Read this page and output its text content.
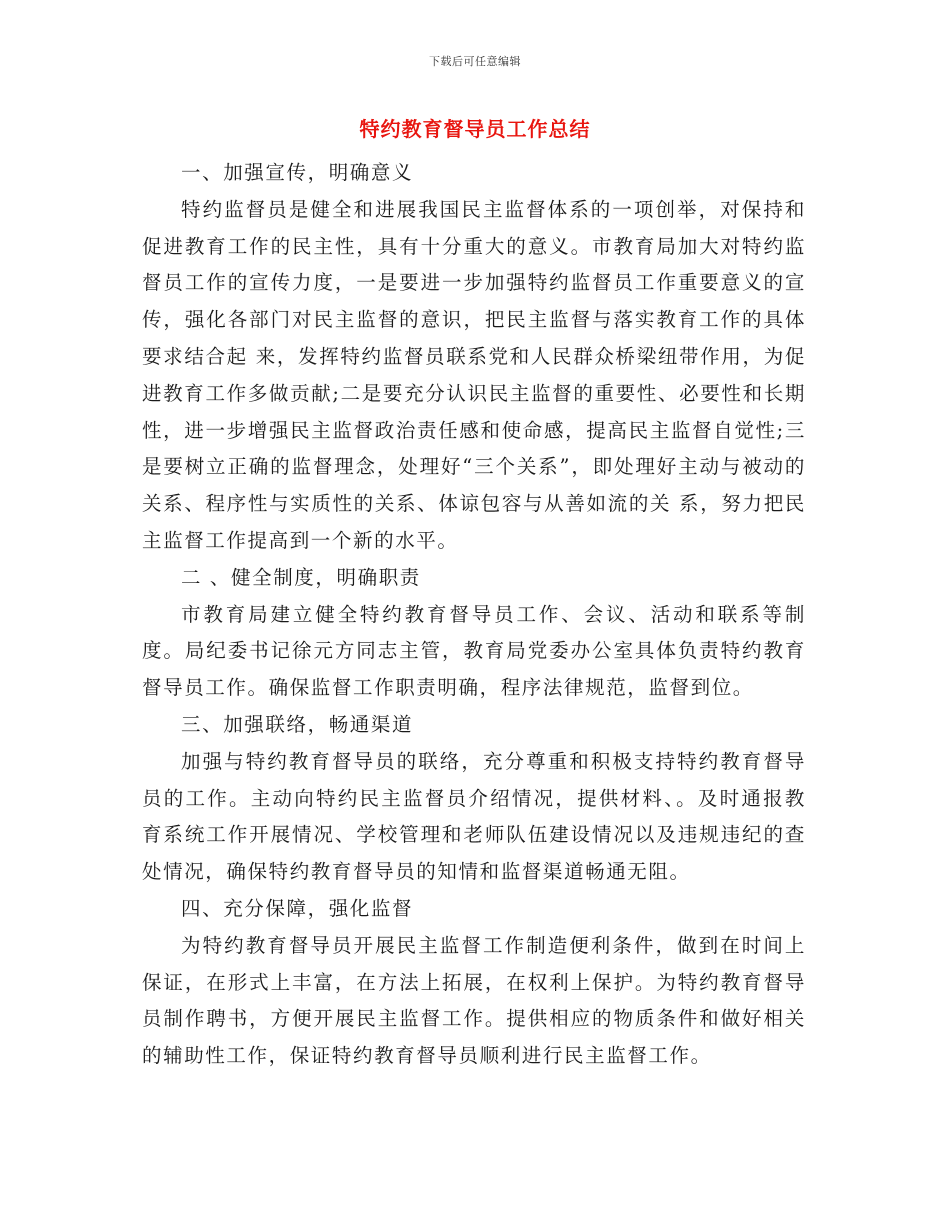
下载后可任意编辑
特约教育督导员工作总结

一、加强宣传，明确意义

特约监督员是健全和进展我国民主监督体系的一项创举，对保持和促进教育工作的民主性，具有十分重大的意义。市教育局加大对特约监督员工作的宣传力度，一是要进一步加强特约监督员工作重要意义的宣传，强化各部门对民主监督的意识，把民主监督与落实教育工作的具体要求结合起 来，发挥特约监督员联系党和人民群众桥梁纽带作用，为促进教育工作多做贡献;二是要充分认识民主监督的重要性、必要性和长期性，进一步增强民主监督政治责任感和使命感，提高民主监督自觉性;三是要树立正确的监督理念，处理好“三个关系”，即处理好主动与被动的关系、程序性与实质性的关系、体谅包容与从善如流的关 系，努力把民主监督工作提高到一个新的水平。

二 、健全制度，明确职责

市教育局建立健全特约教育督导员工作、会议、活动和联系等制度。局纪委书记徐元方同志主管，教育局党委办公室具体负责特约教育督导员工作。确保监督工作职责明确，程序法律规范，监督到位。

三、加强联络，畅通渠道

加强与特约教育督导员的联络，充分尊重和积极支持特约教育督导员的工作。主动向特约民主监督员介绍情况，提供材料、。及时通报教育系统工作开展情况、学校管理和老师队伍建设情况以及违规违纪的查处情况，确保特约教育督导员的知情和监督渠道畅通无阻。

四、充分保障，强化监督

为特约教育督导员开展民主监督工作制造便利条件，做到在时间上保证，在形式上丰富，在方法上拓展，在权利上保护。为特约教育督导员制作聘书，方便开展民主监督工作。提供相应的物质条件和做好相关的辅助性工作，保证特约教育督导员顺利进行民主监督工作。
